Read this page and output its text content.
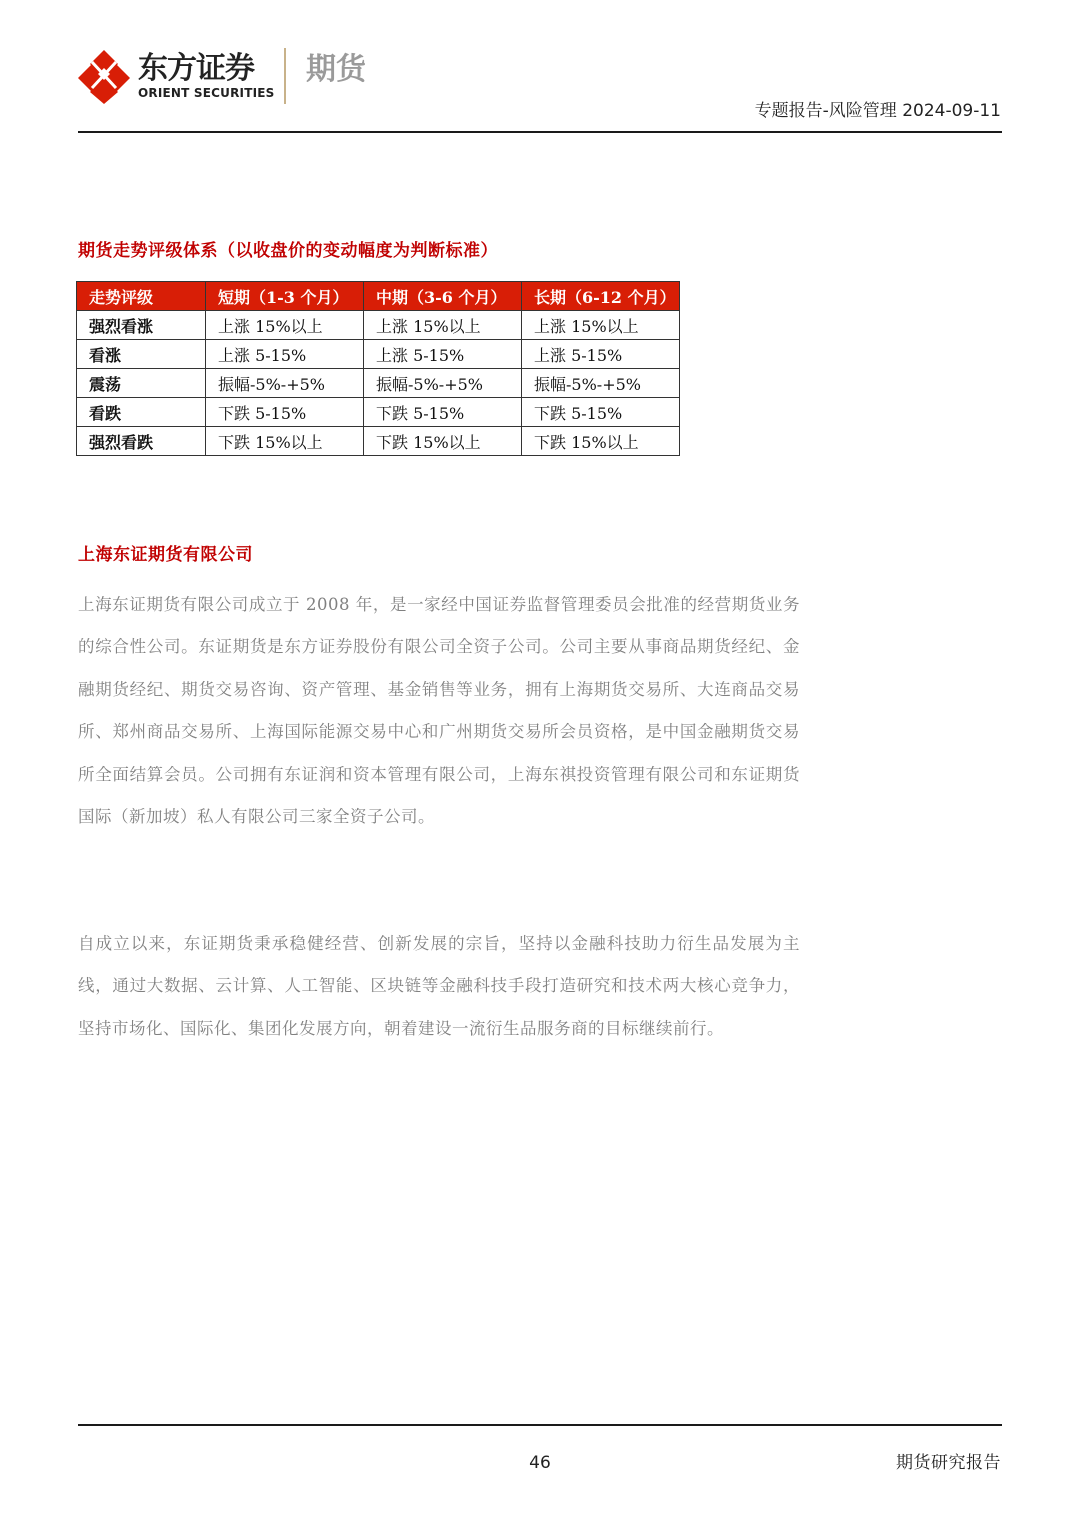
东方证券
ORIENT SECURITIES
期货
专题报告-风险管理 2024-09-11
期货走势评级体系（以收盘价的变动幅度为判断标准）
走势评级	短期（1-3 个月）	中期（3-6 个月）	长期（6-12 个月）
强烈看涨	上涨 15%以上	上涨 15%以上	上涨 15%以上
看涨	上涨 5-15%	上涨 5-15%	上涨 5-15%
震荡	振幅-5%-+5%	振幅-5%-+5%	振幅-5%-+5%
看跌	下跌 5-15%	下跌 5-15%	下跌 5-15%
强烈看跌	下跌 15%以上	下跌 15%以上	下跌 15%以上
上海东证期货有限公司

上海东证期货有限公司成立于 2008 年，是一家经中国证券监督管理委员会批准的经营期货业务的综合性公司。东证期货是东方证券股份有限公司全资子公司。公司主要从事商品期货经纪、金融期货经纪、期货交易咨询、资产管理、基金销售等业务，拥有上海期货交易所、大连商品交易所、郑州商品交易所、上海国际能源交易中心和广州期货交易所会员资格，是中国金融期货交易所全面结算会员。公司拥有东证润和资本管理有限公司，上海东祺投资管理有限公司和东证期货国际（新加坡）私人有限公司三家全资子公司。

自成立以来，东证期货秉承稳健经营、创新发展的宗旨，坚持以金融科技助力衍生品发展为主线，通过大数据、云计算、人工智能、区块链等金融科技手段打造研究和技术两大核心竞争力，坚持市场化、国际化、集团化发展方向，朝着建设一流衍生品服务商的目标继续前行。

46	期货研究报告
